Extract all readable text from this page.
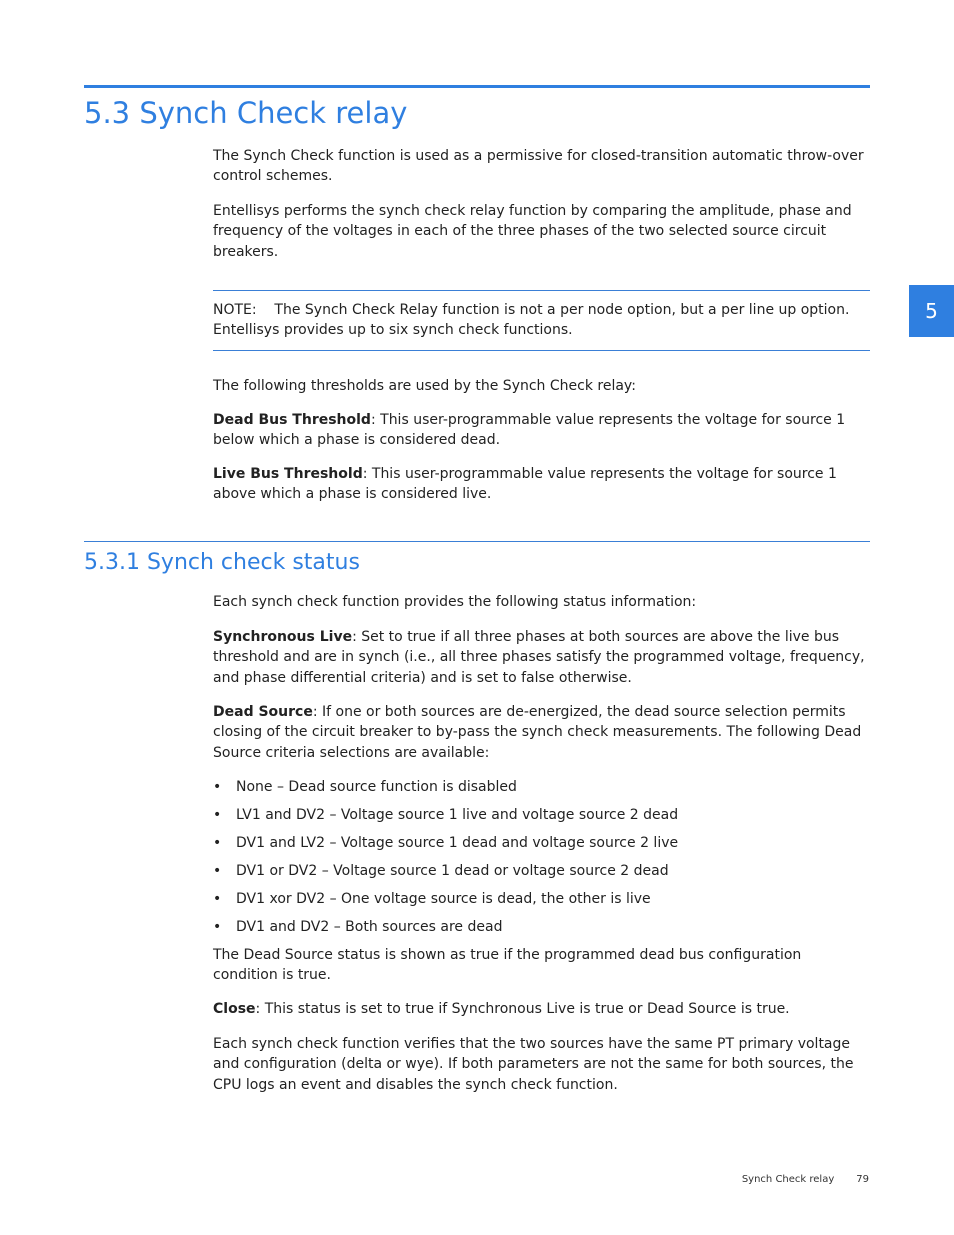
5.3 Synch Check relay
5

The Synch Check function is used as a permissive for closed-transition automatic throw-over control schemes.

Entellisys performs the synch check relay function by comparing the amplitude, phase and frequency of the voltages in each of the three phases of the two selected source circuit breakers.

NOTE: The Synch Check Relay function is not a per node option, but a per line up option. Entellisys provides up to six synch check functions.

The following thresholds are used by the Synch Check relay:

Dead Bus Threshold: This user-programmable value represents the voltage for source 1 below which a phase is considered dead.

Live Bus Threshold: This user-programmable value represents the voltage for source 1 above which a phase is considered live.

5.3.1 Synch check status

Each synch check function provides the following status information:

Synchronous Live: Set to true if all three phases at both sources are above the live bus threshold and are in synch (i.e., all three phases satisfy the programmed voltage, frequency, and phase differential criteria) and is set to false otherwise.

Dead Source: If one or both sources are de-energized, the dead source selection permits closing of the circuit breaker to by-pass the synch check measurements. The following Dead Source criteria selections are available:

• None – Dead source function is disabled
• LV1 and DV2 – Voltage source 1 live and voltage source 2 dead
• DV1 and LV2 – Voltage source 1 dead and voltage source 2 live
• DV1 or DV2 – Voltage source 1 dead or voltage source 2 dead
• DV1 xor DV2 – One voltage source is dead, the other is live
• DV1 and DV2 – Both sources are dead

The Dead Source status is shown as true if the programmed dead bus configuration condition is true.

Close: This status is set to true if Synchronous Live is true or Dead Source is true.

Each synch check function verifies that the two sources have the same PT primary voltage and configuration (delta or wye). If both parameters are not the same for both sources, the CPU logs an event and disables the synch check function.

Synch Check relay 79
